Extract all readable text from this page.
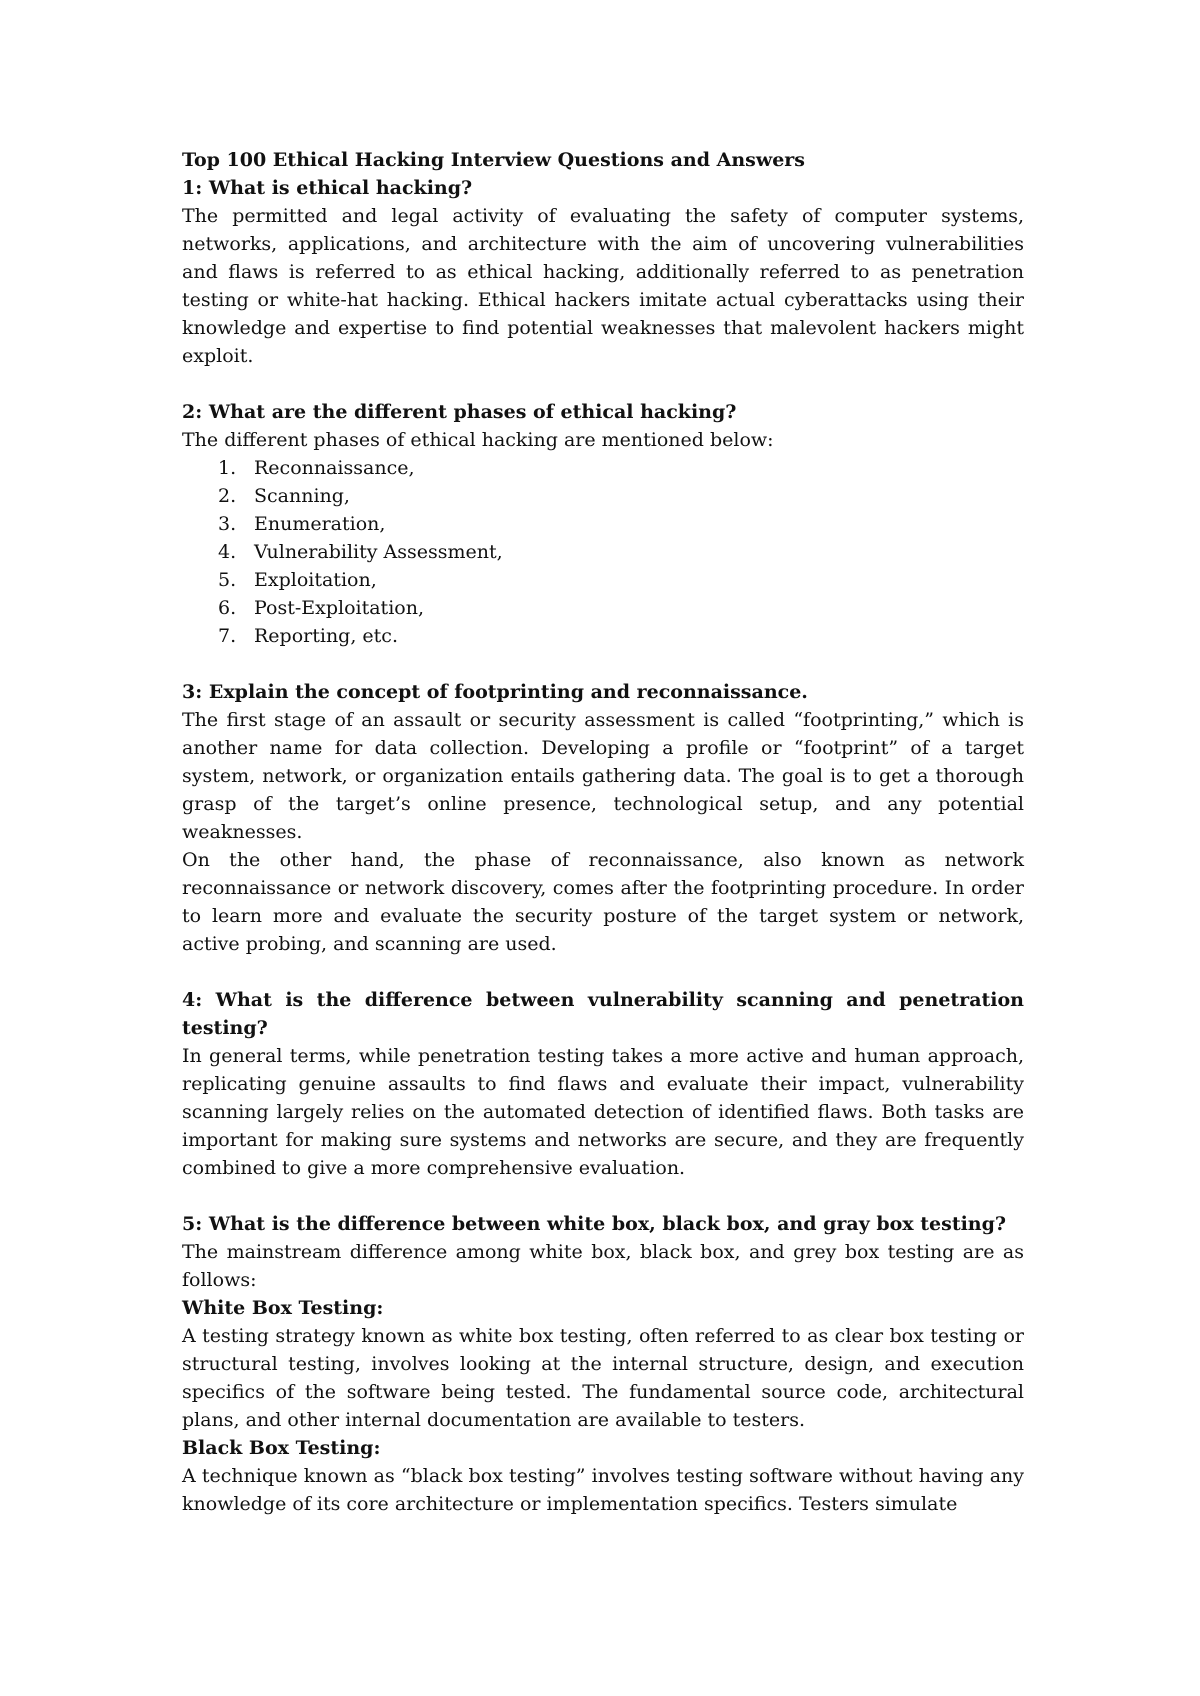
Top 100 Ethical Hacking Interview Questions and Answers

1: What is ethical hacking?

The permitted and legal activity of evaluating the safety of computer systems, networks, applications, and architecture with the aim of uncovering vulnerabilities and flaws is referred to as ethical hacking, additionally referred to as penetration testing or white-hat hacking. Ethical hackers imitate actual cyberattacks using their knowledge and expertise to find potential weaknesses that malevolent hackers might exploit.

2: What are the different phases of ethical hacking?

The different phases of ethical hacking are mentioned below:

1. Reconnaissance,
2. Scanning,
3. Enumeration,
4. Vulnerability Assessment,
5. Exploitation,
6. Post-Exploitation,
7. Reporting, etc.

3: Explain the concept of footprinting and reconnaissance.

The first stage of an assault or security assessment is called “footprinting,” which is another name for data collection. Developing a profile or “footprint” of a target system, network, or organization entails gathering data. The goal is to get a thorough grasp of the target’s online presence, technological setup, and any potential weaknesses.

On the other hand, the phase of reconnaissance, also known as network reconnaissance or network discovery, comes after the footprinting procedure. In order to learn more and evaluate the security posture of the target system or network, active probing, and scanning are used.

4: What is the difference between vulnerability scanning and penetration testing?

In general terms, while penetration testing takes a more active and human approach, replicating genuine assaults to find flaws and evaluate their impact, vulnerability scanning largely relies on the automated detection of identified flaws. Both tasks are important for making sure systems and networks are secure, and they are frequently combined to give a more comprehensive evaluation.

5: What is the difference between white box, black box, and gray box testing?

The mainstream difference among white box, black box, and grey box testing are as follows:

White Box Testing:

A testing strategy known as white box testing, often referred to as clear box testing or structural testing, involves looking at the internal structure, design, and execution specifics of the software being tested. The fundamental source code, architectural plans, and other internal documentation are available to testers.

Black Box Testing:

A technique known as “black box testing” involves testing software without having any knowledge of its core architecture or implementation specifics. Testers simulate
